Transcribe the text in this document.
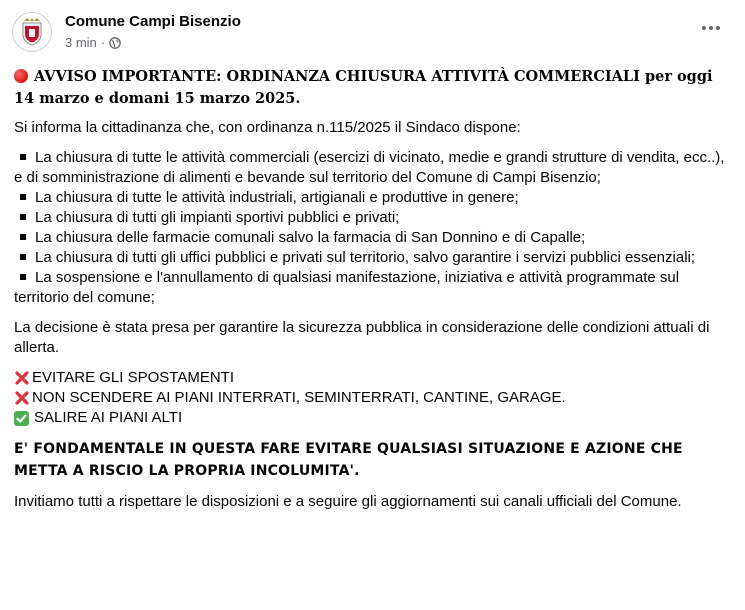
Comune Campi Bisenzio
3 min ·

AVVISO IMPORTANTE: ORDINANZA CHIUSURA ATTIVITÀ COMMERCIALI per oggi 14 marzo e domani 15 marzo 2025.

Si informa la cittadinanza che, con ordinanza n.115/2025 il Sindaco dispone:

La chiusura di tutte le attività commerciali (esercizi di vicinato, medie e grandi strutture di vendita, ecc..), e di somministrazione di alimenti e bevande sul territorio del Comune di Campi Bisenzio;

La chiusura di tutte le attività industriali, artigianali e produttive in genere;

La chiusura di tutti gli impianti sportivi pubblici e privati;

La chiusura delle farmacie comunali salvo la farmacia di San Donnino e di Capalle;

La chiusura di tutti gli uffici pubblici e privati sul territorio, salvo garantire i servizi pubblici essenziali;

La sospensione e l'annullamento di qualsiasi manifestazione, iniziativa e attività programmate sul territorio del comune;

La decisione è stata presa per garantire la sicurezza pubblica in considerazione delle condizioni attuali di allerta.

EVITARE GLI SPOSTAMENTI

NON SCENDERE AI PIANI INTERRATI, SEMINTERRATI, CANTINE, GARAGE.

SALIRE AI PIANI ALTI

E' FONDAMENTALE IN QUESTA FARE EVITARE QUALSIASI SITUAZIONE E AZIONE CHE METTA A RISCIO LA PROPRIA INCOLUMITA'.

Invitiamo tutti a rispettare le disposizioni e a seguire gli aggiornamenti sui canali ufficiali del Comune.
